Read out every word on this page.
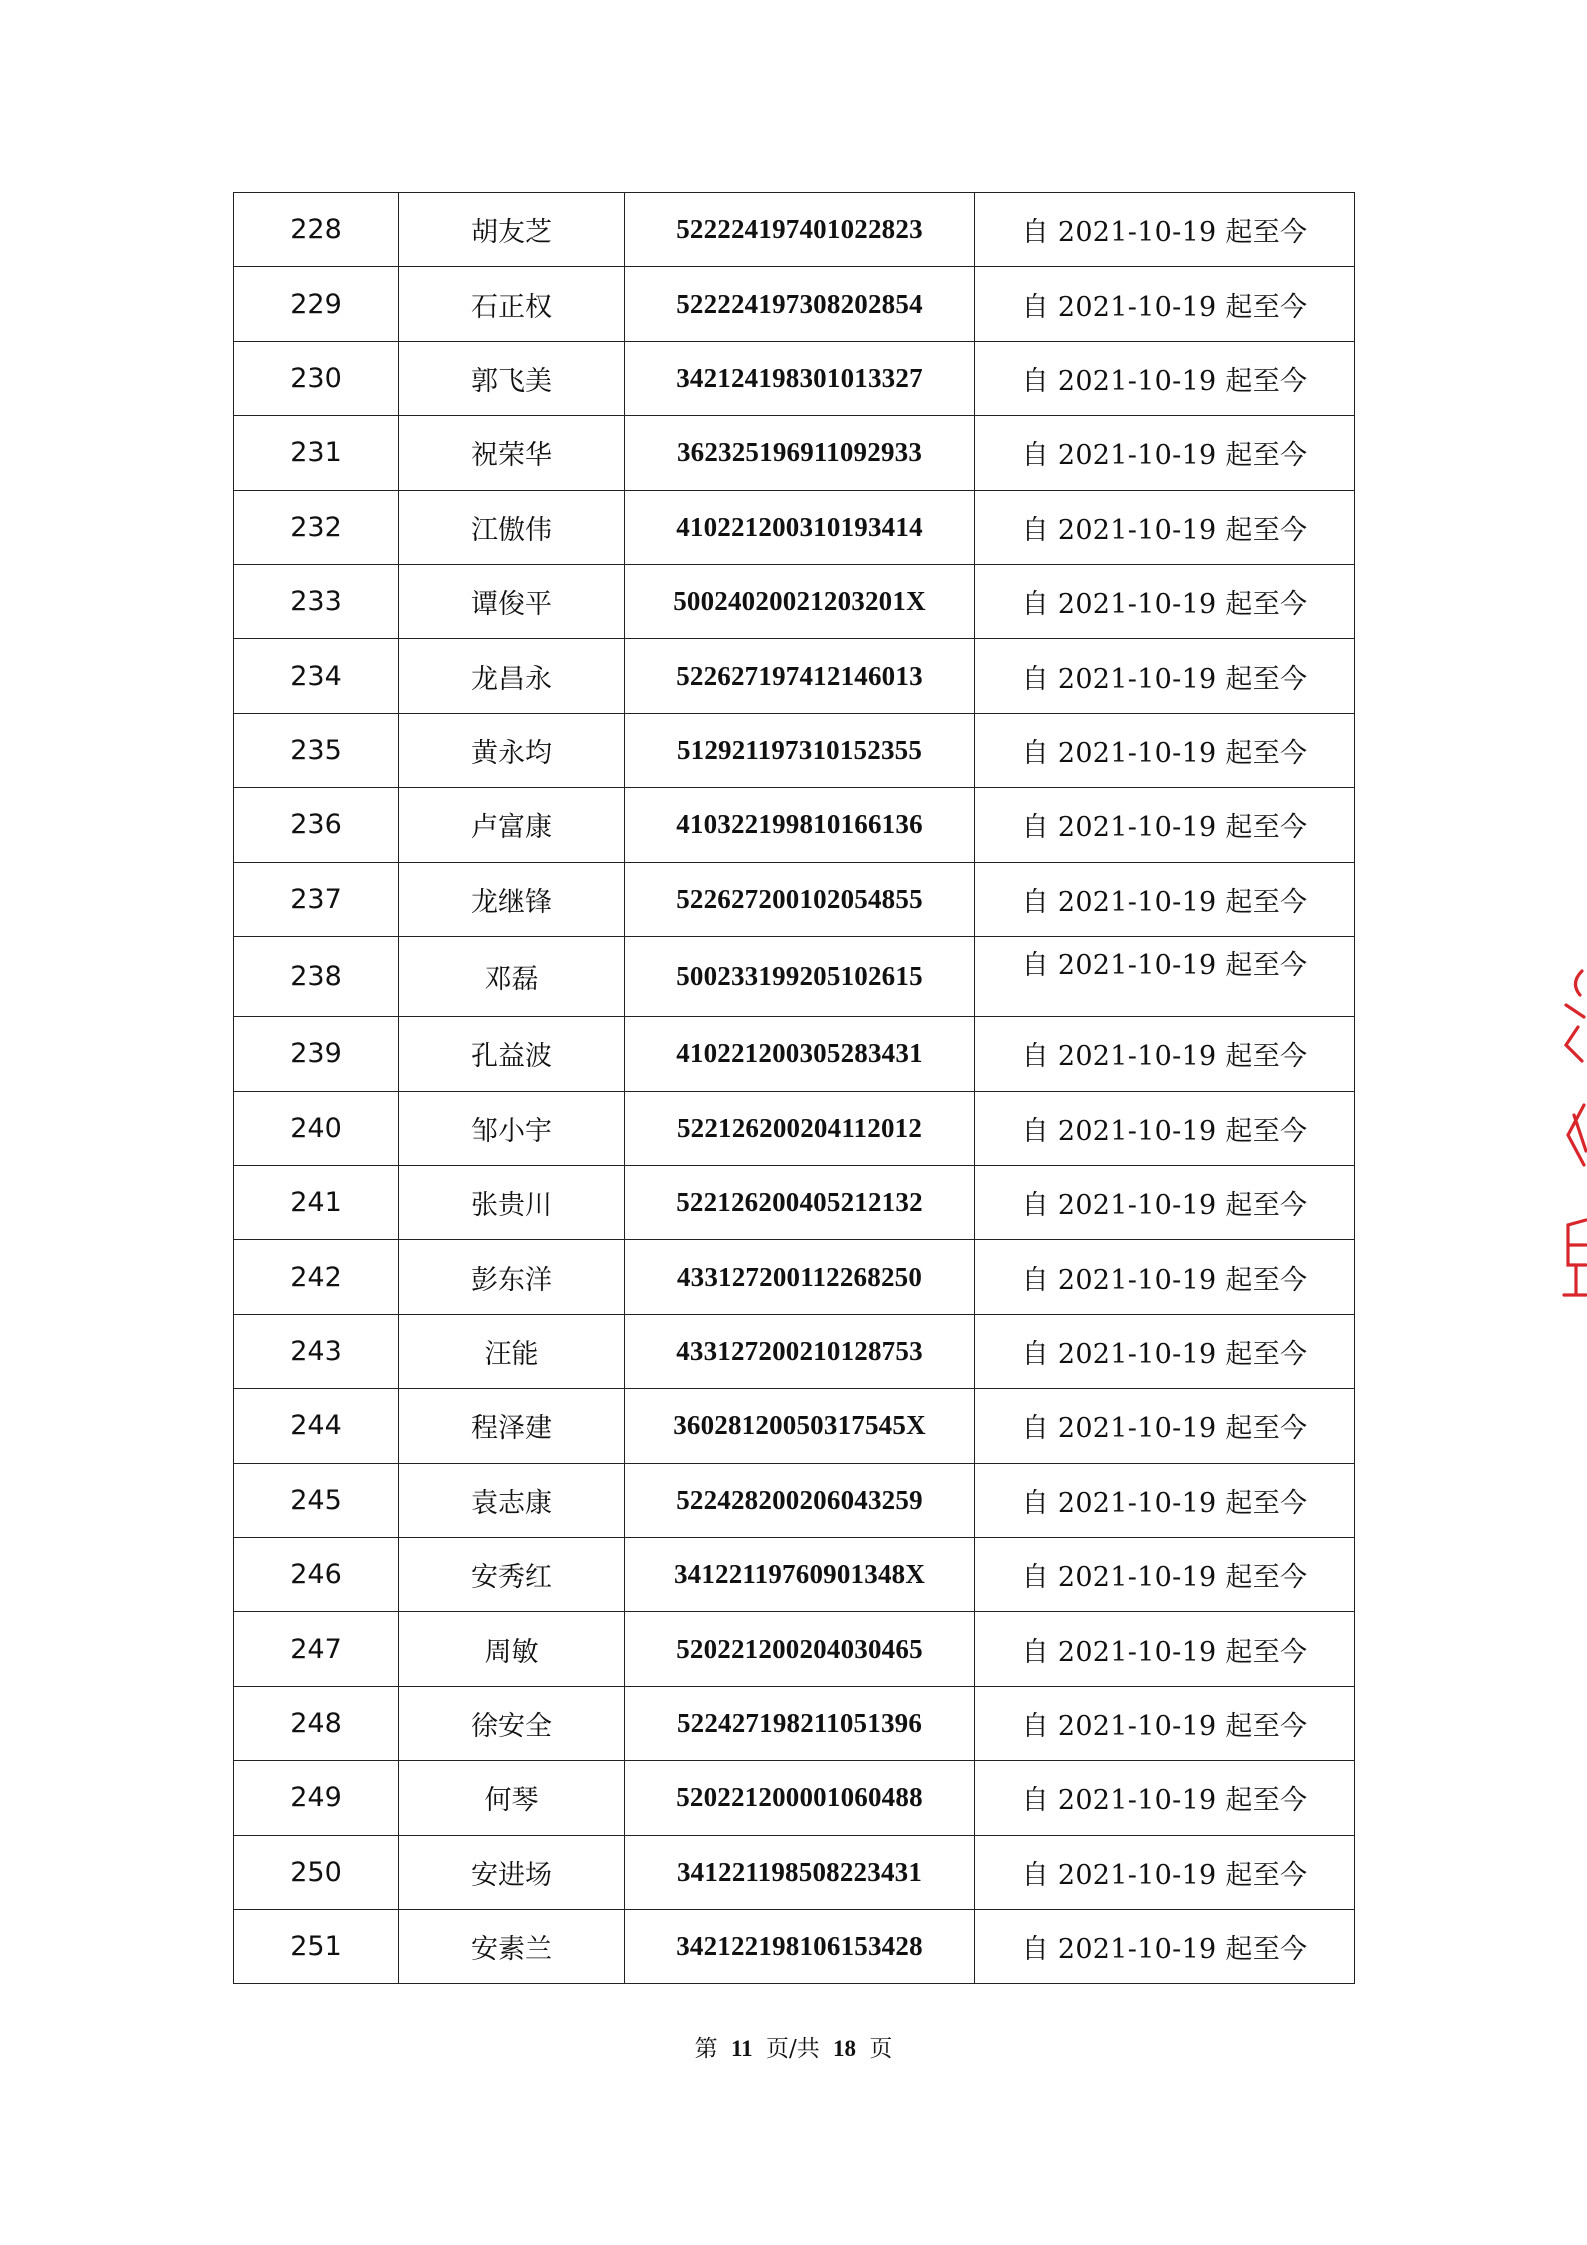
228	胡友芝	522224197401022823	自 2021-10-19 起至今
229	石正权	522224197308202854	自 2021-10-19 起至今
230	郭飞美	342124198301013327	自 2021-10-19 起至今
231	祝荣华	362325196911092933	自 2021-10-19 起至今
232	江傲伟	410221200310193414	自 2021-10-19 起至今
233	谭俊平	50024020021203201X	自 2021-10-19 起至今
234	龙昌永	522627197412146013	自 2021-10-19 起至今
235	黄永均	512921197310152355	自 2021-10-19 起至今
236	卢富康	410322199810166136	自 2021-10-19 起至今
237	龙继锋	522627200102054855	自 2021-10-19 起至今
238	邓磊	500233199205102615	自 2021-10-19 起至今
239	孔益波	410221200305283431	自 2021-10-19 起至今
240	邹小宇	522126200204112012	自 2021-10-19 起至今
241	张贵川	522126200405212132	自 2021-10-19 起至今
242	彭东洋	433127200112268250	自 2021-10-19 起至今
243	汪能	433127200210128753	自 2021-10-19 起至今
244	程泽建	36028120050317545X	自 2021-10-19 起至今
245	袁志康	522428200206043259	自 2021-10-19 起至今
246	安秀红	34122119760901348X	自 2021-10-19 起至今
247	周敏	520221200204030465	自 2021-10-19 起至今
248	徐安全	522427198211051396	自 2021-10-19 起至今
249	何琴	520221200001060488	自 2021-10-19 起至今
250	安进场	341221198508223431	自 2021-10-19 起至今
251	安素兰	342122198106153428	自 2021-10-19 起至今
第 11 页/共 18 页
